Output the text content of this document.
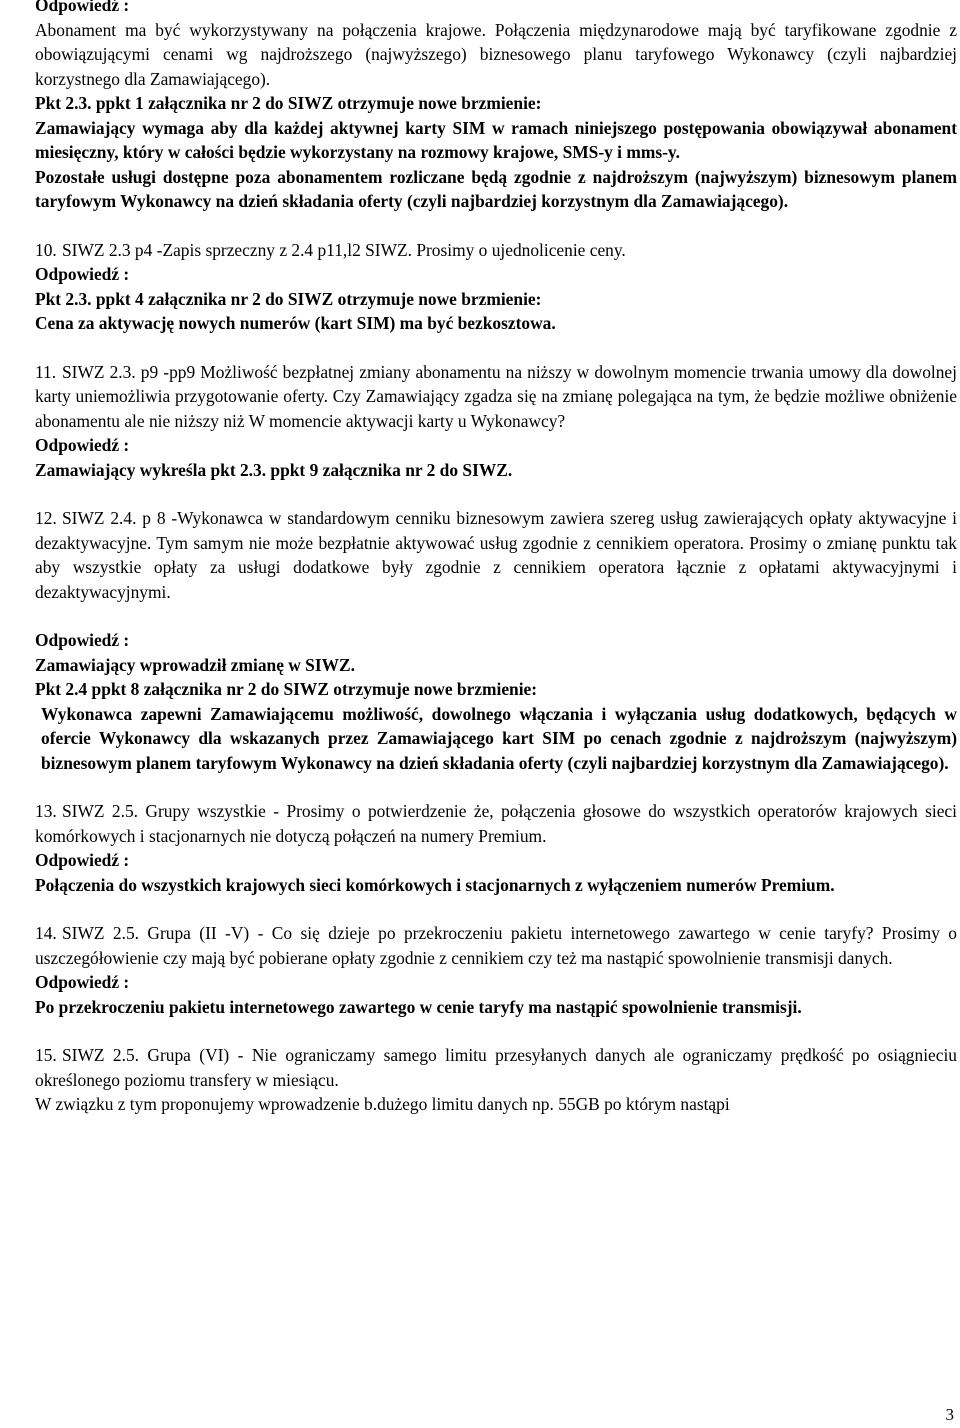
Odpowiedź :

Abonament ma być wykorzystywany na połączenia krajowe. Połączenia międzynarodowe mają być taryfikowane zgodnie z obowiązującymi cenami wg najdroższego (najwyższego) biznesowego planu taryfowego Wykonawcy (czyli najbardziej korzystnego dla Zamawiającego).

Pkt 2.3. ppkt 1 załącznika nr 2 do SIWZ otrzymuje nowe brzmienie:

Zamawiający wymaga aby dla każdej aktywnej karty SIM w ramach niniejszego postępowania obowiązywał abonament miesięczny, który w całości będzie wykorzystany na rozmowy krajowe, SMS-y i mms-y.

Pozostałe usługi dostępne poza abonamentem rozliczane będą zgodnie z najdroższym (najwyższym) biznesowym planem taryfowym Wykonawcy na dzień składania oferty (czyli najbardziej korzystnym dla Zamawiającego).

10. SIWZ 2.3 p4 -Zapis sprzeczny z 2.4 p11,l2 SIWZ. Prosimy o ujednolicenie ceny.

Odpowiedź :

Pkt 2.3. ppkt 4 załącznika nr 2 do SIWZ otrzymuje nowe brzmienie:

Cena za aktywację nowych numerów (kart SIM) ma być bezkosztowa.

11. SIWZ 2.3. p9 -pp9 Możliwość bezpłatnej zmiany abonamentu na niższy w dowolnym momencie trwania umowy dla dowolnej karty uniemożliwia przygotowanie oferty. Czy Zamawiający zgadza się na zmianę polegająca na tym, że będzie możliwe obniżenie abonamentu ale nie niższy niż W momencie aktywacji karty u Wykonawcy?

Odpowiedź :

Zamawiający wykreśla pkt 2.3. ppkt 9 załącznika nr 2 do SIWZ.

12. SIWZ 2.4. p 8 -Wykonawca w standardowym cenniku biznesowym zawiera szereg usług zawierających opłaty aktywacyjne i dezaktywacyjne. Tym samym nie może bezpłatnie aktywować usług zgodnie z cennikiem operatora. Prosimy o zmianę punktu tak aby wszystkie opłaty za usługi dodatkowe były zgodnie z cennikiem operatora łącznie z opłatami aktywacyjnymi i dezaktywacyjnymi.

Odpowiedź :

Zamawiający wprowadził zmianę w SIWZ.

Pkt 2.4 ppkt 8 załącznika nr 2 do SIWZ otrzymuje nowe brzmienie:

Wykonawca zapewni Zamawiającemu możliwość, dowolnego włączania i wyłączania usług dodatkowych, będących w ofercie Wykonawcy dla wskazanych przez Zamawiającego kart SIM po cenach zgodnie z najdroższym (najwyższym) biznesowym planem taryfowym Wykonawcy na dzień składania oferty (czyli najbardziej korzystnym dla Zamawiającego).

13. SIWZ 2.5. Grupy wszystkie - Prosimy o potwierdzenie że, połączenia głosowe do wszystkich operatorów krajowych sieci komórkowych i stacjonarnych nie dotyczą połączeń na numery Premium.

Odpowiedź :

Połączenia do wszystkich krajowych sieci komórkowych i stacjonarnych z wyłączeniem numerów Premium.

14. SIWZ 2.5. Grupa (II -V) - Co się dzieje po przekroczeniu pakietu internetowego zawartego w cenie taryfy? Prosimy o uszczegółowienie czy mają być pobierane opłaty zgodnie z cennikiem czy też ma nastąpić spowolnienie transmisji danych.

Odpowiedź :

Po przekroczeniu pakietu internetowego zawartego w cenie taryfy ma nastąpić spowolnienie transmisji.

15. SIWZ 2.5. Grupa (VI) - Nie ograniczamy samego limitu przesyłanych danych ale ograniczamy prędkość po osiągnieciu określonego poziomu transfery w miesiącu.

W związku z tym proponujemy wprowadzenie b.dużego limitu danych np. 55GB po którym nastąpi

3
